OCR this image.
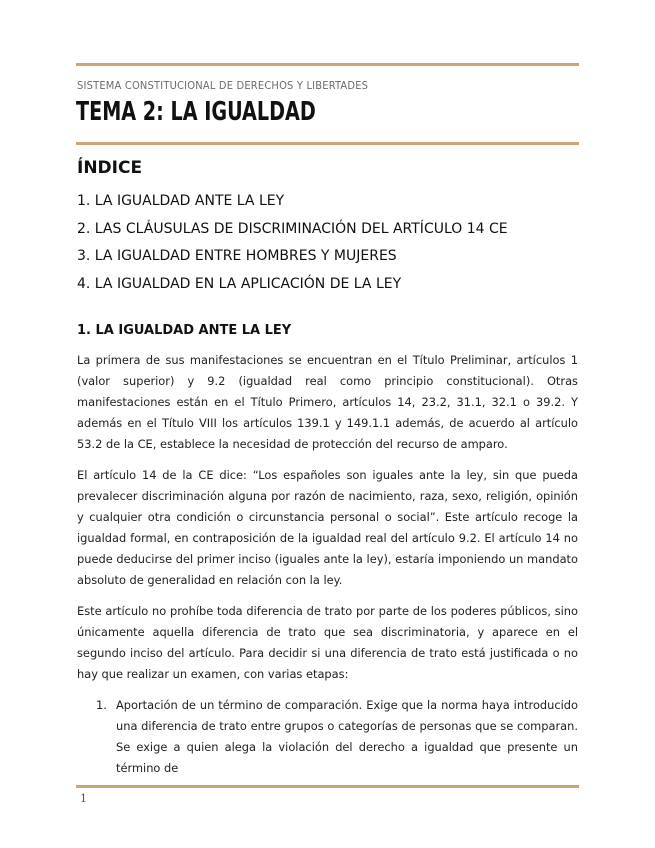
SISTEMA CONSTITUCIONAL DE DERECHOS Y LIBERTADES
TEMA 2: LA IGUALDAD
ÍNDICE
1. LA IGUALDAD ANTE LA LEY
2. LAS CLÁUSULAS DE DISCRIMINACIÓN DEL ARTÍCULO 14 CE
3. LA IGUALDAD ENTRE HOMBRES Y MUJERES
4. LA IGUALDAD EN LA APLICACIÓN DE LA LEY
1. LA IGUALDAD ANTE LA LEY

La primera de sus manifestaciones se encuentran en el Título Preliminar, artículos 1 (valor superior) y 9.2 (igualdad real como principio constitucional). Otras manifestaciones están en el Título Primero, artículos 14, 23.2, 31.1, 32.1 o 39.2. Y además en el Título VIII los artículos 139.1 y 149.1.1 además, de acuerdo al artículo 53.2 de la CE, establece la necesidad de protección del recurso de amparo.

El artículo 14 de la CE dice: “Los españoles son iguales ante la ley, sin que pueda prevalecer discriminación alguna por razón de nacimiento, raza, sexo, religión, opinión y cualquier otra condición o circunstancia personal o social”. Este artículo recoge la igualdad formal, en contraposición de la igualdad real del artículo 9.2. El artículo 14 no puede deducirse del primer inciso (iguales ante la ley), estaría imponiendo un mandato absoluto de generalidad en relación con la ley.

Este artículo no prohíbe toda diferencia de trato por parte de los poderes públicos, sino únicamente aquella diferencia de trato que sea discriminatoria, y aparece en el segundo inciso del artículo. Para decidir si una diferencia de trato está justificada o no hay que realizar un examen, con varias etapas:

1. Aportación de un término de comparación. Exige que la norma haya introducido una diferencia de trato entre grupos o categorías de personas que se comparan. Se exige a quien alega la violación del derecho a igualdad que presente un término de
1
